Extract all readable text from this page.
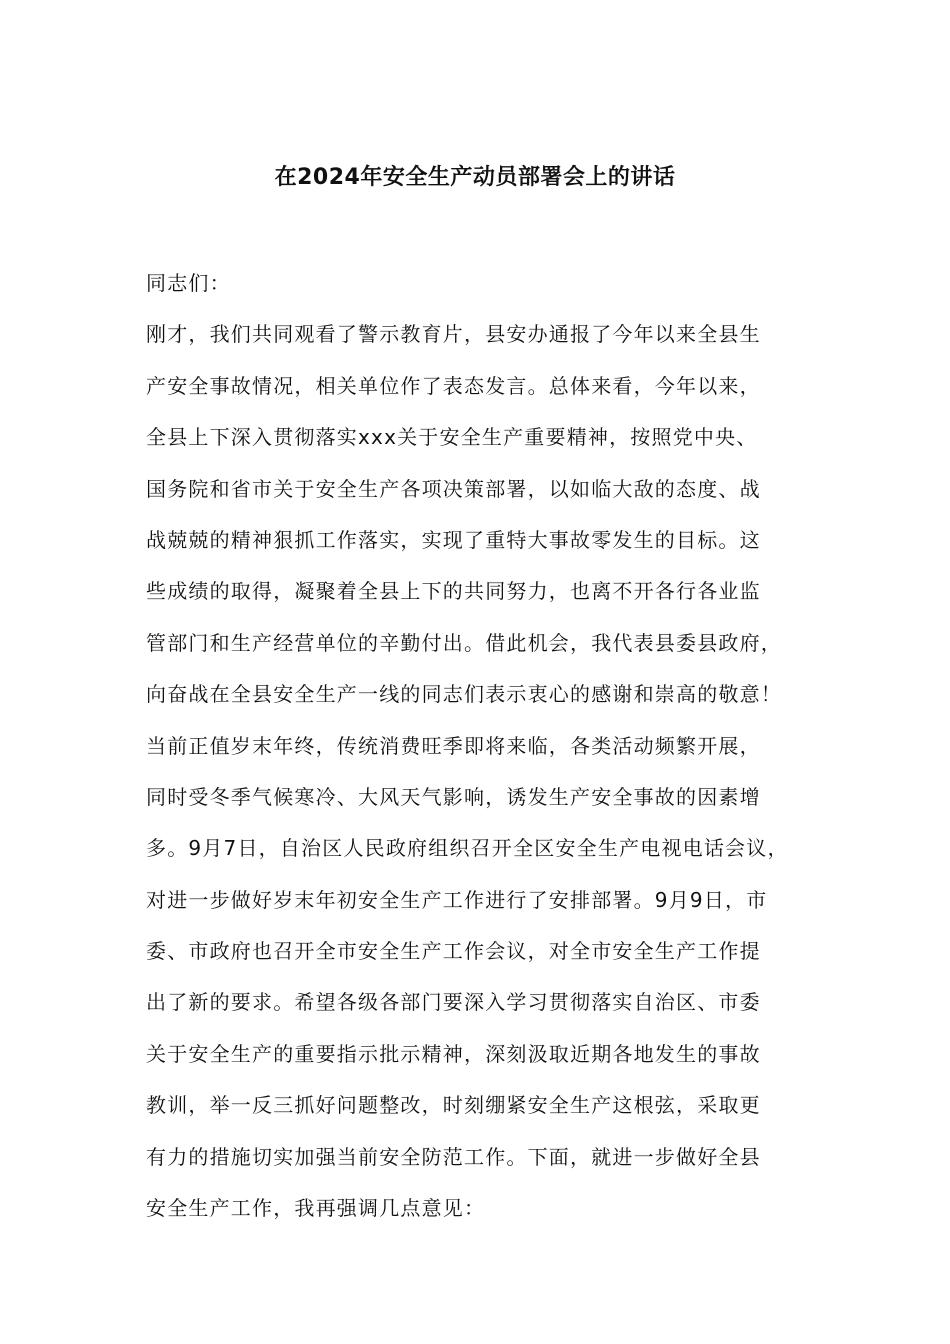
在2024年安全生产动员部署会上的讲话
同志们：
刚才，我们共同观看了警示教育片，县安办通报了今年以来全县生
产安全事故情况，相关单位作了表态发言。总体来看，今年以来，
全县上下深入贯彻落实xxx关于安全生产重要精神，按照党中央、
国务院和省市关于安全生产各项决策部署，以如临大敌的态度、战
战兢兢的精神狠抓工作落实，实现了重特大事故零发生的目标。这
些成绩的取得，凝聚着全县上下的共同努力，也离不开各行各业监
管部门和生产经营单位的辛勤付出。借此机会，我代表县委县政府，
向奋战在全县安全生产一线的同志们表示衷心的感谢和崇高的敬意！
当前正值岁末年终，传统消费旺季即将来临，各类活动频繁开展，
同时受冬季气候寒冷、大风天气影响，诱发生产安全事故的因素增
多。9月7日，自治区人民政府组织召开全区安全生产电视电话会议，
对进一步做好岁末年初安全生产工作进行了安排部署。9月9日，市
委、市政府也召开全市安全生产工作会议，对全市安全生产工作提
出了新的要求。希望各级各部门要深入学习贯彻落实自治区、市委
关于安全生产的重要指示批示精神，深刻汲取近期各地发生的事故
教训，举一反三抓好问题整改，时刻绷紧安全生产这根弦，采取更
有力的措施切实加强当前安全防范工作。下面，就进一步做好全县
安全生产工作，我再强调几点意见：
